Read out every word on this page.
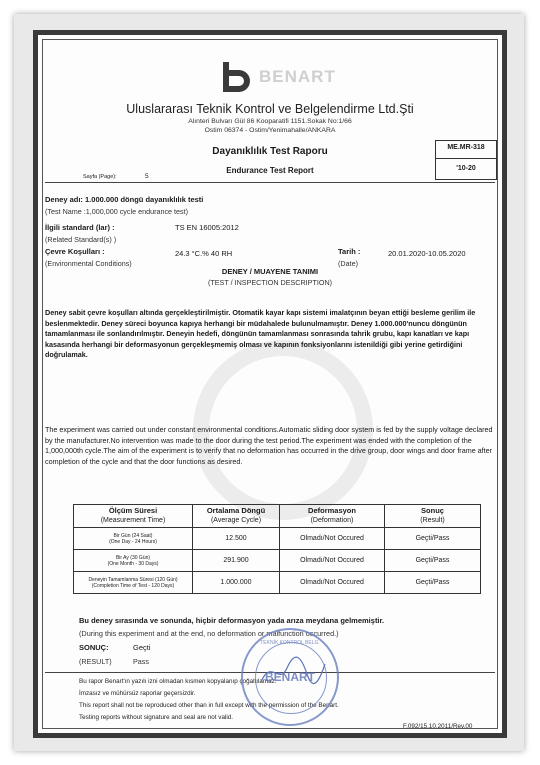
BENART
Uluslararası Teknik Kontrol ve Belgelendirme Ltd.Şti
Alınteri Bulvarı Gül 86 Kooparatifi 1151.Sokak No:1/66
Ostim 06374 - Ostim/Yenimahalle/ANKARA
Dayanıklılık Test Raporu
Endurance Test Report
ME.MR-318
'10-20
Sayfa (Page):	5
Deney adı: 1.000.000 döngü dayanıklılık testi
(Test Name :1,000,000 cycle endurance test)
İlgili standard (lar) :
(Related Standard(s) )
TS EN 16005:2012
Çevre Koşulları :
(Environmental Conditions)
24.3 °C.% 40 RH	Tarih :
(Date)
20.01.2020-10.05.2020
DENEY / MUAYENE TANIMI
(TEST / INSPECTION DESCRIPTION)
Deney sabit çevre koşulları altında gerçekleştirilmiştir. Otomatik kayar kapı sistemi imalatçının beyan ettiği besleme gerilim ile beslenmektedir. Deney süreci boyunca kapıya herhangi bir müdahalede bulunulmamıştır. Deney 1.000.000'nuncu döngünün tamamlanması ile sonlandırılmıştır. Deneyin hedefi, döngünün tamamlanması sonrasında tahrik grubu, kapı kanatları ve kapı kasasında herhangi bir deformasyonun gerçekleşmemiş olması ve kapının fonksiyonlarını istenildiği gibi yerine getirdiğini doğrulamak.
The experiment was carried out under constant environmental conditions.Automatic sliding door system is fed by the supply voltage declared by the manufacturer.No intervention was made to the door during the test period.The experiment was ended with the completion of the 1,000,000th cycle.The aim of the experiment is to verify that no deformation has occurred in the drive group, door wings and door frame after completion of the cycle and that the door functions as desired.
Ölçüm Süresi
(Measurement Time)	Ortalama Döngü
(Average Cycle)	Deformasyon
(Deformation)	Sonuç
(Result)

Bir Gün (24 Saat)
(One Day - 24 Hours)	12.500	Olmadı/Not Occured	Geçti/Pass

Bir Ay (30 Gün)
(One Month - 30 Days)	291.900	Olmadı/Not Occured	Geçti/Pass

Deneyin Tamamlanma Süresi (120 Gün)
(Completion Time of Test - 120 Days)	1.000.000	Olmadı/Not Occured	Geçti/Pass
Bu deney sırasında ve sonunda, hiçbir deformasyon yada arıza meydana gelmemiştir.
(During this experiment and at the end, no deformation or malfunction occurred.)
SONUÇ:	Geçti
(RESULT)	Pass
Bu rapor Benart'ın yazılı izni olmadan kısmen kopyalanıp çoğaltılamaz.
İmzasız ve mühürsüz raporlar geçersizdir.
This report shall not be reproduced other than in full except with the permission of the Benart.
Testing reports without signature and seal are not valid.
F.092/15.10.2011/Rev.00
TEKNİK KONTROL BELG.
BENART
